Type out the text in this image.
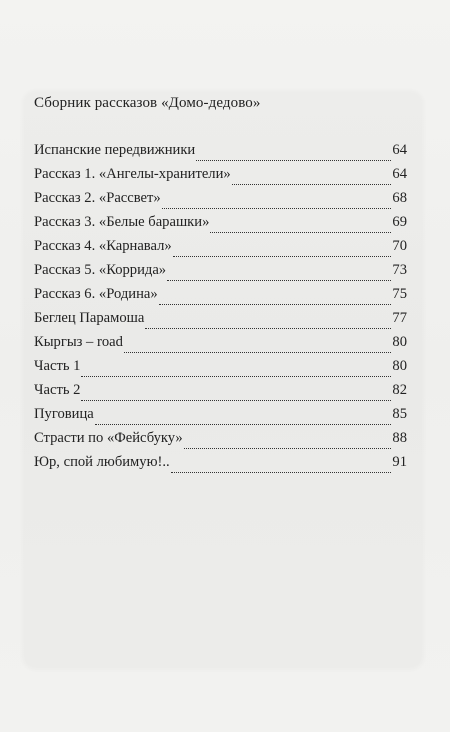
Сборник рассказов «Домо-дедово»
Испанские передвижники	64
Рассказ 1. «Ангелы-хранители»	64
Рассказ 2. «Рассвет»	68
Рассказ 3. «Белые барашки»	69
Рассказ 4. «Карнавал»	70
Рассказ 5. «Коррида»	73
Рассказ 6. «Родина»	75
Беглец Парамоша	77
Кыргыз – road	80
Часть 1	80
Часть 2	82
Пуговица	85
Страсти по «Фейсбуку»	88
Юр, спой любимую!..	91
